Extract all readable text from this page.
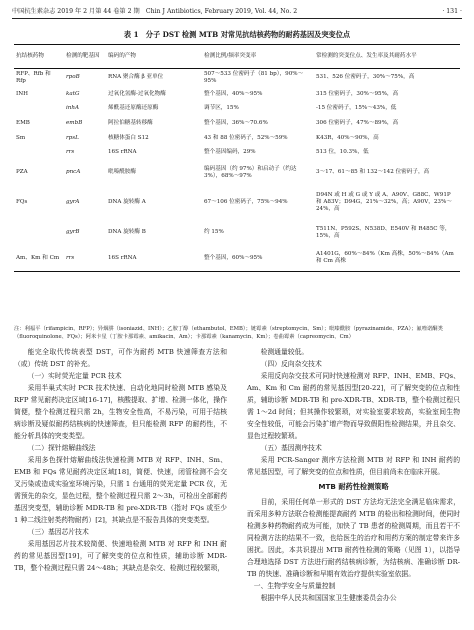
中国抗生素杂志 2019 年 2 月第 44 卷第 2 期　Chin J Antibiotics, February 2019, Vol. 44, No. 2	· 131 ·
表 1　分子 DST 检测 MTB 对常见抗结核药物的耐药基因及突变位点
抗结核药物	检测的靶基因	编码的产物	检测比例/频率突变率	常检测的突变位点、发生率及其耐药水平
RFP、Rfb 和 Rfp	rpoB	RNA 聚合酶 β 亚单位	507～533 位密码子（81 bp），90%～95%	531、526 位密码子，30%～75%，高
INH	katG	过氧化氢酶-过氧化物酶	整个基因，40%～95%	315 位密码子，30%～95%，高
	inhA	烯酰基还原酶还原酶	调节区，15%	-15 位密码子，15%～43%，低
EMB	embB	阿拉伯糖基转移酶	整个基因，36%～70.6%	306 位密码子，47%～89%，高
Sm	rpsL	核糖体蛋白 S12	43 和 88 位密码子，52%～59%	K43R，40%～90%，高
	rrs	16S rRNA	整个基因编码，29%	513 位，10.3%，低
PZA	pncA	吡嗪酰胺酶	编码基因（约 97%）和启动子（约达 3%），68%～97%	3～17、61～85 和 132～142 位密码子，高
FQs	gyrA	DNA 旋转酶 A	67～106 位密码子，75%～94%	D94N 或 H 或 G 或 Y 或 A、A90V、G88C、W91P 和 A83V；D94G，21%～32%，高；A90V，23%～24%，高
	gyrB	DNA 旋转酶 B	约 15%	T511N、P592S、N538D、E540V 和 R485C 等，15%，高
Am、Km 和 Cm	rrs	16S rRNA	整个基因，60%～95%	A1401G，60%～84%（Km 高株，50%～84%（Am 和 Cm 高株
注：利福平（rifampicin、RFP）；异烟肼（isoniazid、INH）；乙胺丁醇（ethambutol、EMB）；链霉素（streptomycin、Sm）；吡嗪酰胺（pyrazinamide、PZA）；氟喹诺酮类（fluoroquinolone、FQs）；阿米卡星（丁胺卡那霉素、amikacin、Am）；卡那霉素（kanamycin、Km）；卷曲霉素（capreomycin、Cm）

能完全取代传统表型 DST，可作为耐药 MTB 快速筛查方法和（或）传统 DST 的补充。

（一）实时荧光定量 PCR 技术

采用半巢式实时 PCR 技术快速、自动化地同时检测 MTB 感染及 RFP 常见耐药决定区域[16-17]，核酸提取、扩增、检测一体化，操作简便，整个检测过程只需 2h，生物安全性高，不易污染，可用于结核病诊断及疑似耐药结核病的快速筛查，但只能检测 RFP 的耐药性，不能分析具体的突变类型。

（二）探针熔解曲线法

采用多色探针熔解曲线法快速检测 MTB 对 RFP、INH、Sm、EMB 和 FQs 常见耐药决定区域[18]，简便、快速，闭管检测不会交叉污染或造成实验室环境污染，只需 1 台通用的荧光定量 PCR 仪，无需预先的杂交，显色过程，整个检测过程只需 2～3h，可检出全部耐药基因突变型，辅助诊断 MDR-TB 和 pre-XDR-TB（指对 FQs 或至少 1 种二线注射类药物耐药）[2]，其缺点是不报告具体的突变类型。

（三）基因芯片技术

采用基因芯片技术较简便、快速地检测 MTB 对 RFP 和 INH 耐药的常见基因型[19]，可了解突变的位点和性质，辅助诊断 MDR-TB，整个检测过程只需 24～48h；其缺点是杂交、检测过程较繁琐，

检测通量较低。

（四）反向杂交技术

采用反向杂交技术可同时快速检测对 RFP、INH、EMB、FQs、Am、Km 和 Cm 耐药的常见基因型[20-22]，可了解突变的位点和性质，辅助诊断 MDR-TB 和 pre-XDR-TB、XDR-TB，整个检测过程只需 1～2d 时间；但其操作较繁琐，对实验室要求较高，实验室间生物安全性较低，可能会污染扩增产物而导致假阳性检测结果，并且杂交、显色过程较繁琐。

（五）基因测序技术

采用 PCR-Sanger 测序方法检测 MTB 对 RFP 和 INH 耐药的常见基因型，可了解突变的位点和性质，但目前尚未在临床开展。

MTB 耐药性检测策略

目前，采用任何单一形式的 DST 方法均无法完全满足临床需求，而采用多种方法联合检测能提高耐药 MTB 的检出和检测时间，使同时检测多种药物耐药成为可能，加快了 TB 患者的检测周期，而且若干不同检测方法的结果不一致，也给医生的治疗和用药方案的制定带来许多困扰。因此，本共识提出 MTB 耐药性检测的策略（见图 1），以指导合理地选择 DST 方法进行耐药结核病诊断，为结核病、准确诊断 DR-TB 的快速、准确诊断和早期有效治疗提供实验室依据。

一、生物学安全与质量控制

根据中华人民共和国国家卫生健康委员会办公
